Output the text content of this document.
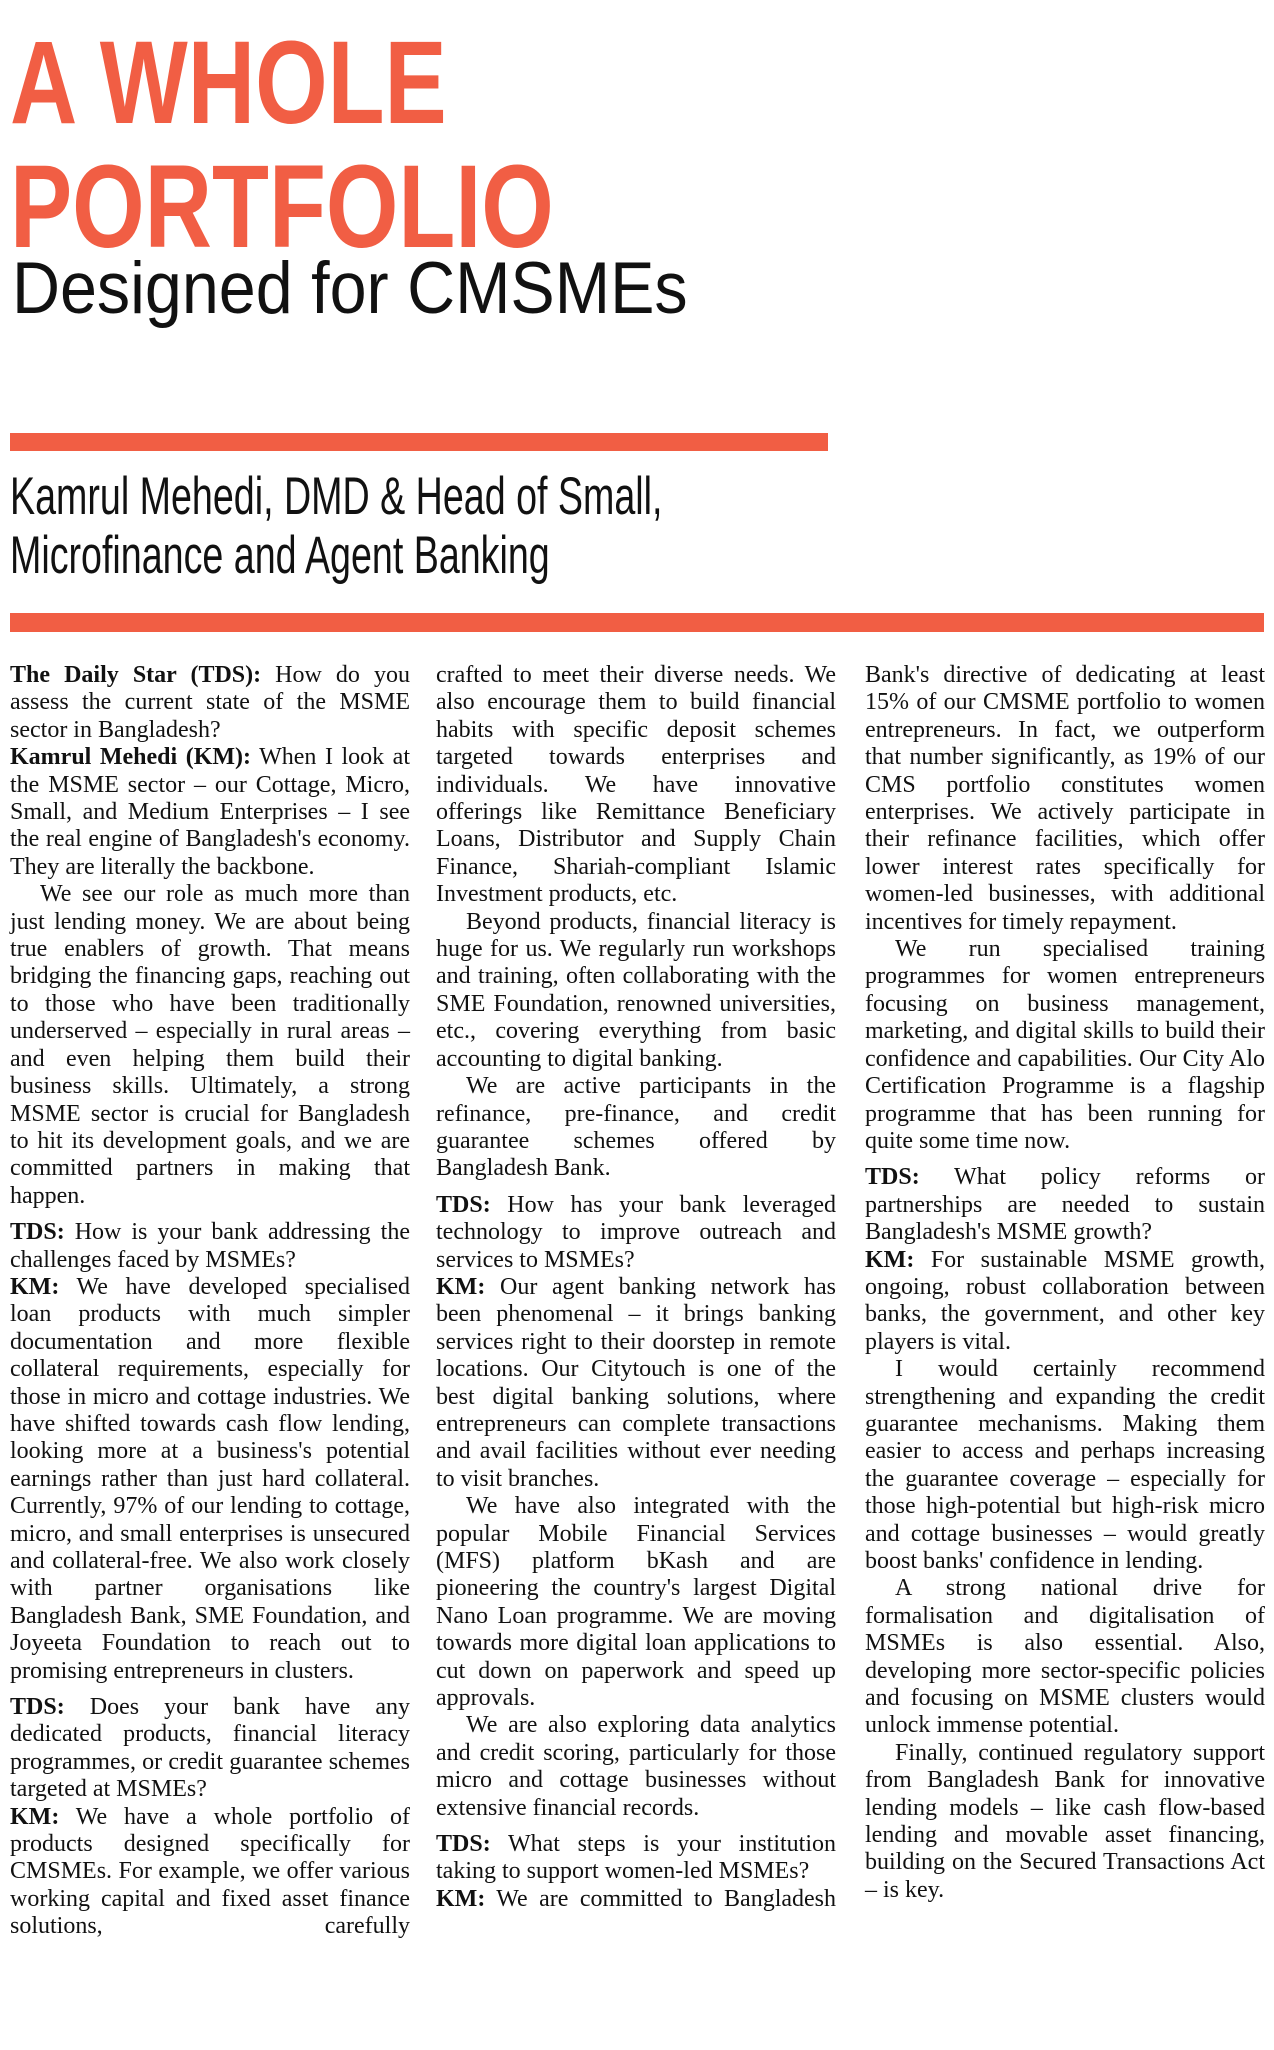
A WHOLE
PORTFOLIO
Designed for CMSMEs
Kamrul Mehedi, DMD & Head of Small,
Microfinance and Agent Banking

The Daily Star (TDS): How do you assess the current state of the MSME sector in Bangladesh?

Kamrul Mehedi (KM): When I look at the MSME sector – our Cottage, Micro, Small, and Medium Enterprises – I see the real engine of Bangladesh's economy. They are literally the backbone.

We see our role as much more than just lending money. We are about being true enablers of growth. That means bridging the financing gaps, reaching out to those who have been traditionally underserved – especially in rural areas – and even helping them build their business skills. Ultimately, a strong MSME sector is crucial for Bangladesh to hit its development goals, and we are committed partners in making that happen.

TDS: How is your bank addressing the challenges faced by MSMEs?

KM: We have developed specialised loan products with much simpler documentation and more flexible collateral requirements, especially for those in micro and cottage industries. We have shifted towards cash flow lending, looking more at a business's potential earnings rather than just hard collateral. Currently, 97% of our lending to cottage, micro, and small enterprises is unsecured and collateral-free. We also work closely with partner organisations like Bangladesh Bank, SME Foundation, and Joyeeta Foundation to reach out to promising entrepreneurs in clusters.

TDS: Does your bank have any dedicated products, financial literacy programmes, or credit guarantee schemes targeted at MSMEs?

KM: We have a whole portfolio of products designed specifically for CMSMEs. For example, we offer various working capital and fixed asset finance solutions, carefully

crafted to meet their diverse needs. We also encourage them to build financial habits with specific deposit schemes targeted towards enterprises and individuals. We have innovative offerings like Remittance Beneficiary Loans, Distributor and Supply Chain Finance, Shariah-compliant Islamic Investment products, etc.

Beyond products, financial literacy is huge for us. We regularly run workshops and training, often collaborating with the SME Foundation, renowned universities, etc., covering everything from basic accounting to digital banking.

We are active participants in the refinance, pre-finance, and credit guarantee schemes offered by Bangladesh Bank.

TDS: How has your bank leveraged technology to improve outreach and services to MSMEs?

KM: Our agent banking network has been phenomenal – it brings banking services right to their doorstep in remote locations. Our Citytouch is one of the best digital banking solutions, where entrepreneurs can complete transactions and avail facilities without ever needing to visit branches.

We have also integrated with the popular Mobile Financial Services (MFS) platform bKash and are pioneering the country's largest Digital Nano Loan programme. We are moving towards more digital loan applications to cut down on paperwork and speed up approvals.

We are also exploring data analytics and credit scoring, particularly for those micro and cottage businesses without extensive financial records.

TDS: What steps is your institution taking to support women-led MSMEs?

KM: We are committed to Bangladesh

Bank's directive of dedicating at least 15% of our CMSME portfolio to women entrepreneurs. In fact, we outperform that number significantly, as 19% of our CMS portfolio constitutes women enterprises. We actively participate in their refinance facilities, which offer lower interest rates specifically for women-led businesses, with additional incentives for timely repayment.

We run specialised training programmes for women entrepreneurs focusing on business management, marketing, and digital skills to build their confidence and capabilities. Our City Alo Certification Programme is a flagship programme that has been running for quite some time now.

TDS: What policy reforms or partnerships are needed to sustain Bangladesh's MSME growth?

KM: For sustainable MSME growth, ongoing, robust collaboration between banks, the government, and other key players is vital.

I would certainly recommend strengthening and expanding the credit guarantee mechanisms. Making them easier to access and perhaps increasing the guarantee coverage – especially for those high-potential but high-risk micro and cottage businesses – would greatly boost banks' confidence in lending.

A strong national drive for formalisation and digitalisation of MSMEs is also essential. Also, developing more sector-specific policies and focusing on MSME clusters would unlock immense potential.

Finally, continued regulatory support from Bangladesh Bank for innovative lending models – like cash flow-based lending and movable asset financing, building on the Secured Transactions Act – is key.
